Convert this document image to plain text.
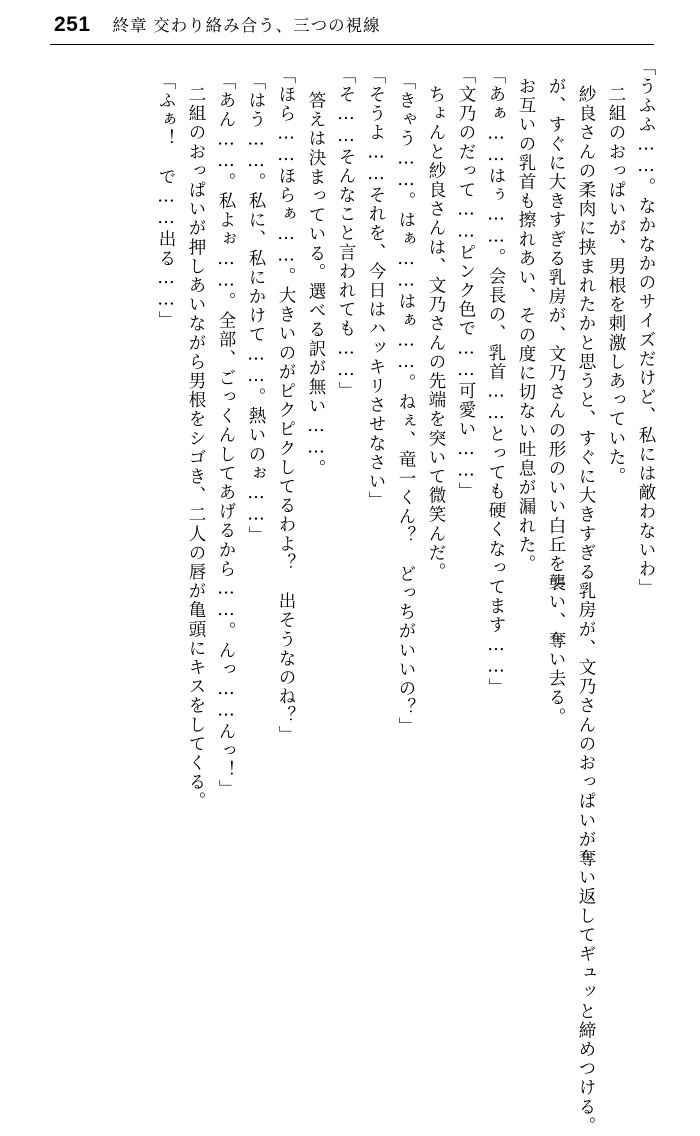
251 終章 交わり絡み合う、三つの視線
「うふふ……。なかなかのサイズだけど、私には敵わないわ」
　二組のおっぱいが、男根を刺激しあっていた。
　紗良さんの柔肉に挟まれたかと思うと、すぐに大きすぎる乳房が、文乃さんのおっぱいが奪い返してギュッと締めつける。
　が、すぐに大きすぎる乳房が、文乃さんの形のいい白丘を襲い、奪い去る。
　お互いの乳首も擦れあい、その度に切ない吐息が漏れた。
「あぁ……はぅ……。会長の、乳首……とっても硬くなってます……」
「文乃のだって……ピンク色で……可愛い……」
　ちょんと紗良さんは、文乃さんの先端を突いて微笑んだ。
「きゃう……。はぁ……はぁ……。ねぇ、竜一くん？　どっちがいいの？」
「そうよ……それを、今日はハッキリさせなさい」
「そ……そんなこと言われても……」
　答えは決まっている。選べる訳が無い……。
「ほら……ほらぁ……。大きいのがピクピクしてるわよ？　出そうなのね？」
「はう……。私に、私にかけて……。熱いのぉ……」
「あん……。私よぉ……。全部、ごっくんしてあげるから……。んっ……んっ！」
　二組のおっぱいが押しあいながら男根をシゴき、二人の唇が亀頭にキスをしてくる。
「ふぁ！　で……出る……」
